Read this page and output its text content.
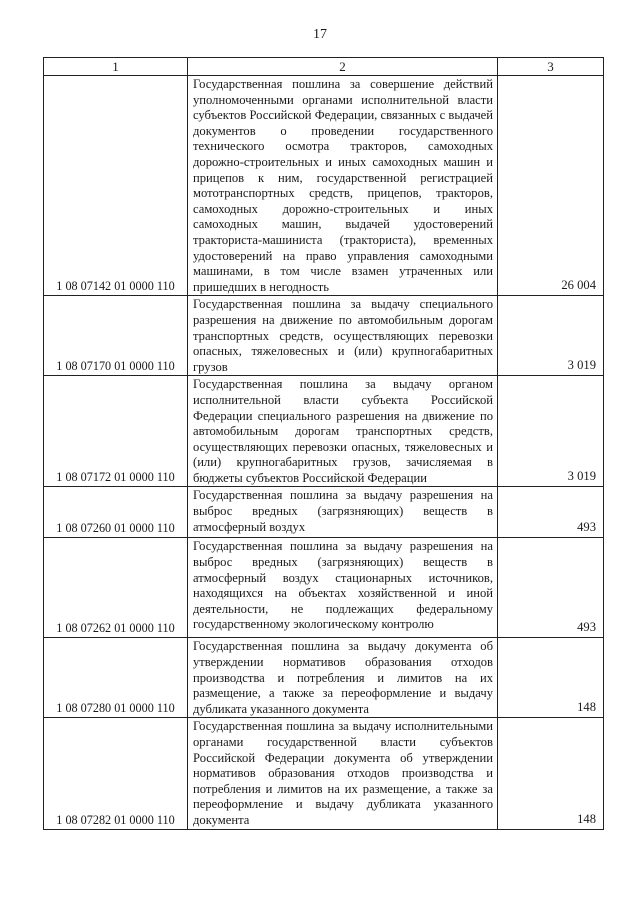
17
1	2	3
1 08 07142 01 0000 110	Государственная пошлина за совершение действий уполномоченными органами исполнительной власти субъектов Российской Федерации, связанных с выдачей документов о проведении государственного технического осмотра тракторов, самоходных дорожно-строительных и иных самоходных машин и прицепов к ним, государственной регистрацией мототранспортных средств, прицепов, тракторов, самоходных дорожно-строительных и иных самоходных машин, выдачей удостоверений тракториста-машиниста (тракториста), временных удостоверений на право управления самоходными машинами, в том числе взамен утраченных или пришедших в негодность	26 004
1 08 07170 01 0000 110	Государственная пошлина за выдачу специального разрешения на движение по автомобильным дорогам транспортных средств, осуществляющих перевозки опасных, тяжеловесных и (или) крупногабаритных грузов	3 019
1 08 07172 01 0000 110	Государственная пошлина за выдачу органом исполнительной власти субъекта Российской Федерации специального разрешения на движение по автомобильным дорогам транспортных средств, осуществляющих перевозки опасных, тяжеловесных и (или) крупногабаритных грузов, зачисляемая в бюджеты субъектов Российской Федерации	3 019
1 08 07260 01 0000 110	Государственная пошлина за выдачу разрешения на выброс вредных (загрязняющих) веществ в атмосферный воздух	493
1 08 07262 01 0000 110	Государственная пошлина за выдачу разрешения на выброс вредных (загрязняющих) веществ в атмосферный воздух стационарных источников, находящихся на объектах хозяйственной и иной деятельности, не подлежащих федеральному государственному экологическому контролю	493
1 08 07280 01 0000 110	Государственная пошлина за выдачу документа об утверждении нормативов образования отходов производства и потребления и лимитов на их размещение, а также за переоформление и выдачу дубликата указанного документа	148
1 08 07282 01 0000 110	Государственная пошлина за выдачу исполнительными органами государственной власти субъектов Российской Федерации документа об утверждении нормативов образования отходов производства и потребления и лимитов на их размещение, а также за переоформление и выдачу дубликата указанного документа	148
